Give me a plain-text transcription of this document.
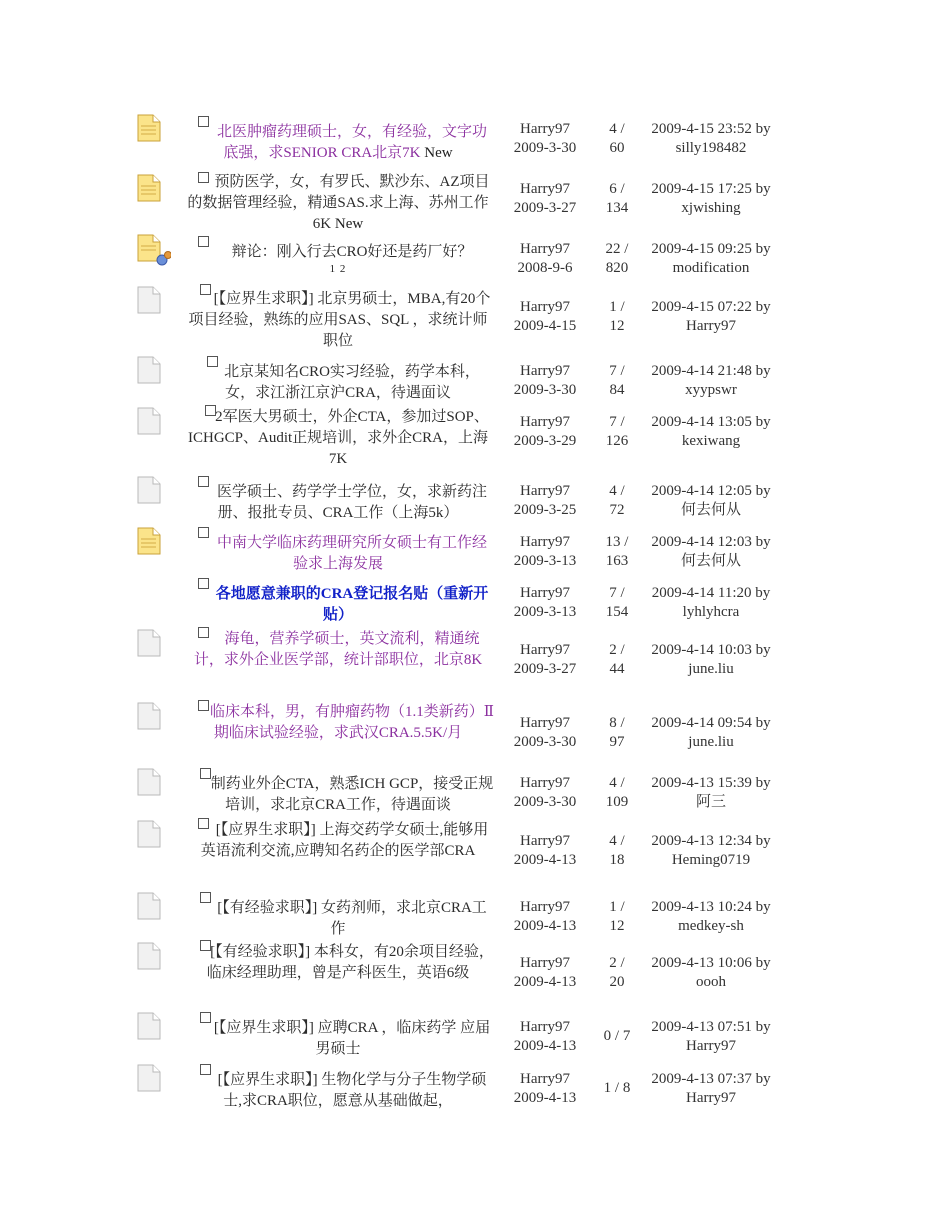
北医肿瘤药理硕士，女，有经验，文字功底强，求SENIOR CRA北京7K New
Harry97
2009-3-30
4 /
60
2009-4-15 23:52 by
silly198482
预防医学，女，有罗氏、默沙东、AZ项目的数据管理经验，精通SAS.求上海、苏州工作6K New
Harry97
2009-3-27
6 /
134
2009-4-15 17:25 by
xjwishing
辩论：刚入行去CRO好还是药厂好？
1 2
Harry97
2008-9-6
22 /
820
2009-4-15 09:25 by
modification
[【应界生求职】] 北京男硕士，MBA,有20个项目经验，熟练的应用SAS、SQL ，求统计师职位
Harry97
2009-4-15
1 /
12
2009-4-15 07:22 by
Harry97
北京某知名CRO实习经验，药学本科，女，求江浙江京沪CRA，待遇面议
Harry97
2009-3-30
7 /
84
2009-4-14 21:48 by
xyypswr
2军医大男硕士，外企CTA，参加过SOP、ICHGCP、Audit正规培训，求外企CRA，上海7K
Harry97
2009-3-29
7 /
126
2009-4-14 13:05 by
kexiwang
医学硕士、药学学士学位，女，求新药注册、报批专员、CRA工作（上海5k）
Harry97
2009-3-25
4 /
72
2009-4-14 12:05 by
何去何从
中南大学临床药理研究所女硕士有工作经验求上海发展
Harry97
2009-3-13
13 /
163
2009-4-14 12:03 by
何去何从
各地愿意兼职的CRA登记报名贴（重新开贴）
Harry97
2009-3-13
7 /
154
2009-4-14 11:20 by
lyhlyhcra
海龟，营养学硕士，英文流利，精通统计，求外企业医学部，统计部职位，北京8K
Harry97
2009-3-27
2 /
44
2009-4-14 10:03 by
june.liu
临床本科，男，有肿瘤药物（1.1类新药）Ⅱ期临床试验经验，求武汉CRA.5.5K/月
Harry97
2009-3-30
8 /
97
2009-4-14 09:54 by
june.liu
制药业外企CTA，熟悉ICH GCP，接受正规培训，求北京CRA工作，待遇面谈
Harry97
2009-3-30
4 /
109
2009-4-13 15:39 by
阿三
[【应界生求职】] 上海交药学女硕士,能够用英语流利交流,应聘知名药企的医学部CRA
Harry97
2009-4-13
4 /
18
2009-4-13 12:34 by
Heming0719
[【有经验求职】] 女药剂师，求北京CRA工作
Harry97
2009-4-13
1 /
12
2009-4-13 10:24 by
medkey-sh
[【有经验求职】] 本科女，有20余项目经验，临床经理助理，曾是产科医生，英语6级
Harry97
2009-4-13
2 /
20
2009-4-13 10:06 by
oooh
[【应界生求职】] 应聘CRA ，临床药学 应届男硕士
Harry97
2009-4-13
0 / 7
2009-4-13 07:51 by
Harry97
[【应界生求职】] 生物化学与分子生物学硕士,求CRA职位，愿意从基础做起，
Harry97
2009-4-13
1 / 8
2009-4-13 07:37 by
Harry97
